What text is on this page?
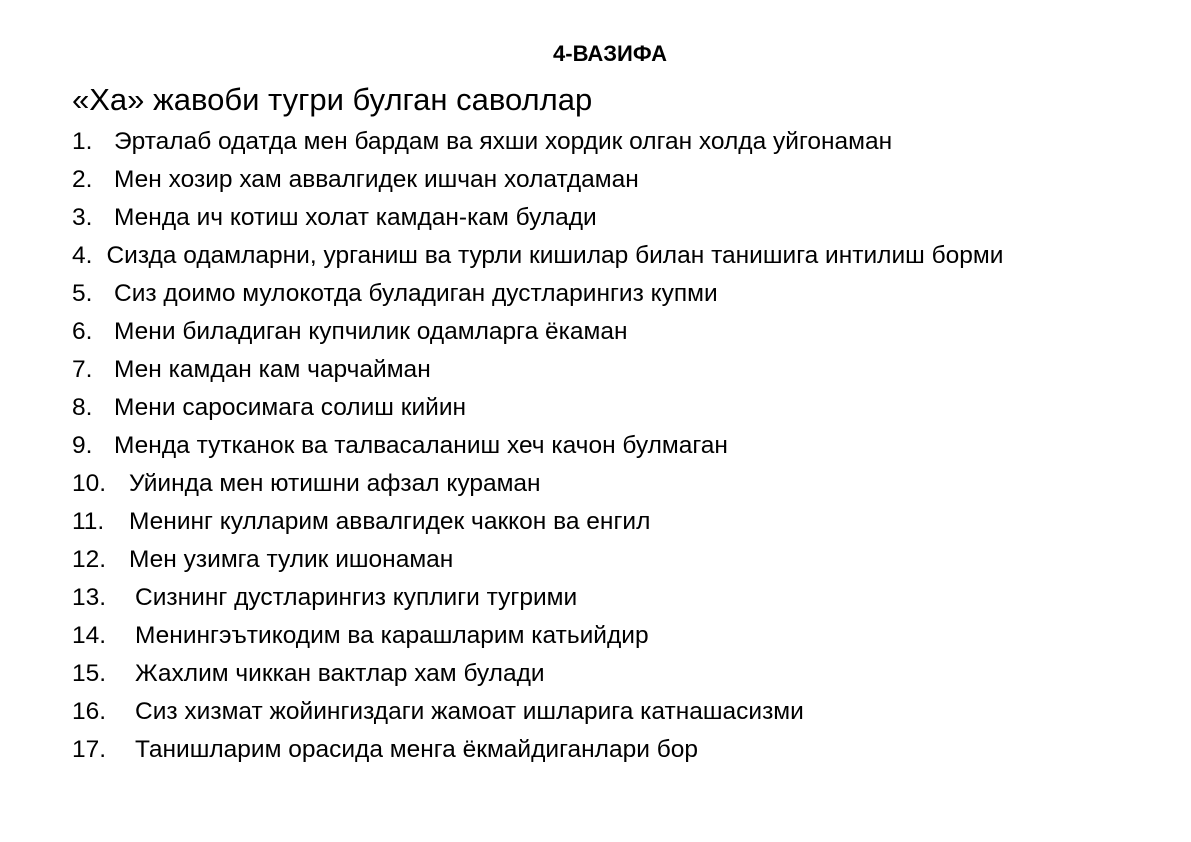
4-ВАЗИФА
«Ха» жавоби тугри булган саволлар
1. Эрталаб одатда мен бардам ва яхши хордик олган холда уйгонаман
2. Мен хозир хам аввалгидек ишчан холатдаман
3. Менда ич котиш холат камдан-кам булади
4. Сизда одамларни, урганиш ва турли кишилар билан танишига интилиш борми
5. Сиз доимо мулокотда буладиган дустларингиз купми
6. Мени биладиган купчилик одамларга ёкаман
7. Мен камдан кам чарчайман
8. Мени саросимага солиш кийин
9. Менда тутканок ва талвасаланиш хеч качон булмаган
10. Уйинда мен ютишни афзал кураман
11. Менинг кулларим аввалгидек чаккон ва енгил
12. Мен узимга тулик ишонаман
13. Сизнинг дустларингиз куплиги тугрими
14. Менингэътикодим ва карашларим катьийдир
15. Жахлим чиккан вактлар хам булади
16. Сиз хизмат жойингиздаги жамоат ишларига катнашасизми
17. Танишларим орасида менга ёкмайдиганлари бор
